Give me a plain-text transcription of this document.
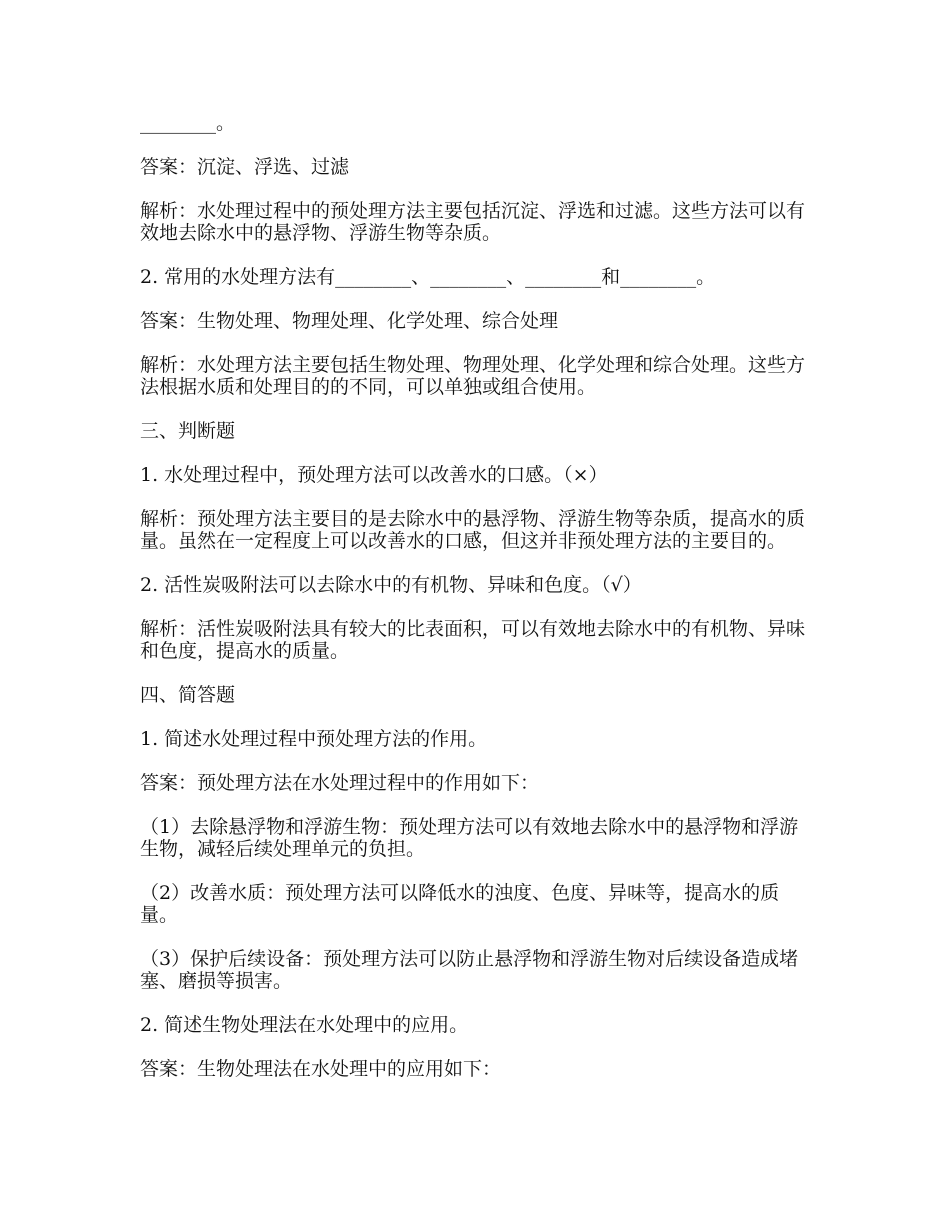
________。

答案：沉淀、浮选、过滤

解析：水处理过程中的预处理方法主要包括沉淀、浮选和过滤。这些方法可以有效地去除水中的悬浮物、浮游生物等杂质。

2. 常用的水处理方法有________、________、________和________。

答案：生物处理、物理处理、化学处理、综合处理

解析：水处理方法主要包括生物处理、物理处理、化学处理和综合处理。这些方法根据水质和处理目的的不同，可以单独或组合使用。

三、判断题

1. 水处理过程中，预处理方法可以改善水的口感。（×）

解析：预处理方法主要目的是去除水中的悬浮物、浮游生物等杂质，提高水的质量。虽然在一定程度上可以改善水的口感，但这并非预处理方法的主要目的。

2. 活性炭吸附法可以去除水中的有机物、异味和色度。（√）

解析：活性炭吸附法具有较大的比表面积，可以有效地去除水中的有机物、异味和色度，提高水的质量。

四、简答题

1. 简述水处理过程中预处理方法的作用。

答案：预处理方法在水处理过程中的作用如下：

（1）去除悬浮物和浮游生物：预处理方法可以有效地去除水中的悬浮物和浮游生物，减轻后续处理单元的负担。

（2）改善水质：预处理方法可以降低水的浊度、色度、异味等，提高水的质量。

（3）保护后续设备：预处理方法可以防止悬浮物和浮游生物对后续设备造成堵塞、磨损等损害。

2. 简述生物处理法在水处理中的应用。

答案：生物处理法在水处理中的应用如下：
